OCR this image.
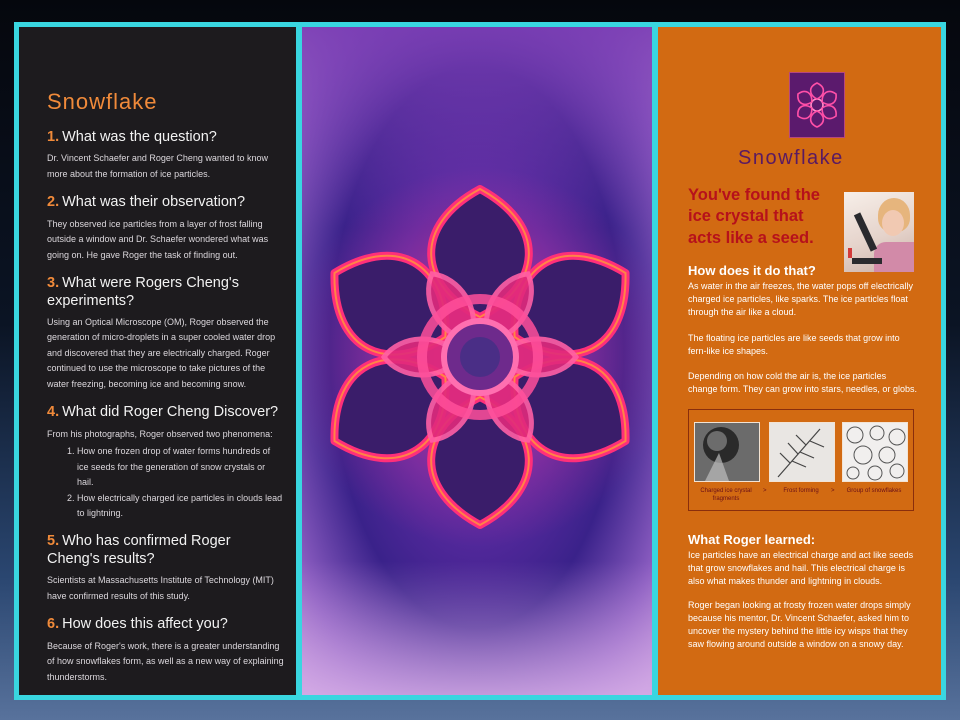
Snowflake
1. What was the question?

Dr. Vincent Schaefer and Roger Cheng wanted to know more about the formation of ice particles.

2. What was their observation?

They observed ice particles from a layer of frost falling outside a window and Dr. Schaefer wondered what was going on. He gave Roger the task of finding out.

3. What were Rogers Cheng's experiments?

Using an Optical Microscope (OM), Roger observed the generation of micro-droplets in a super cooled water drop and discovered that they are electrically charged. Roger continued to use the microscope to take pictures of the water freezing, becoming ice and becoming snow.

4. What did Roger Cheng Discover?

From his photographs, Roger observed two phenomena:

1. How one frozen drop of water forms hundreds of ice seeds for the generation of snow crystals or hail.
2. How electrically charged ice particles in clouds lead to lightning.
5. Who has confirmed Roger Cheng's results?

Scientists at Massachusetts Institute of Technology (MIT) have confirmed results of this study.

6. How does this affect you?

Because of Roger's work, there is a greater understanding of how snowflakes form, as well as a new way of explaining thunderstorms.

Snowflake
You've found the ice crystal that acts like a seed.
How does it do that?

As water in the air freezes, the water pops off electrically charged ice particles, like sparks. The ice particles float through the air like a cloud.

The floating ice particles are like seeds that grow into fern-like ice shapes.

Depending on how cold the air is, the ice particles change form. They can grow into stars, needles, or globs.

Charged ice crystal fragments
>	Frost forming	>	Group of snowflakes
What Roger learned:

Ice particles have an electrical charge and act like seeds that grow snowflakes and hail. This electrical charge is also what makes thunder and lightning in clouds.

Roger began looking at frosty frozen water drops simply because his mentor, Dr. Vincent Schaefer, asked him to uncover the mystery behind the little icy wisps that they saw flowing around outside a window on a snowy day.
